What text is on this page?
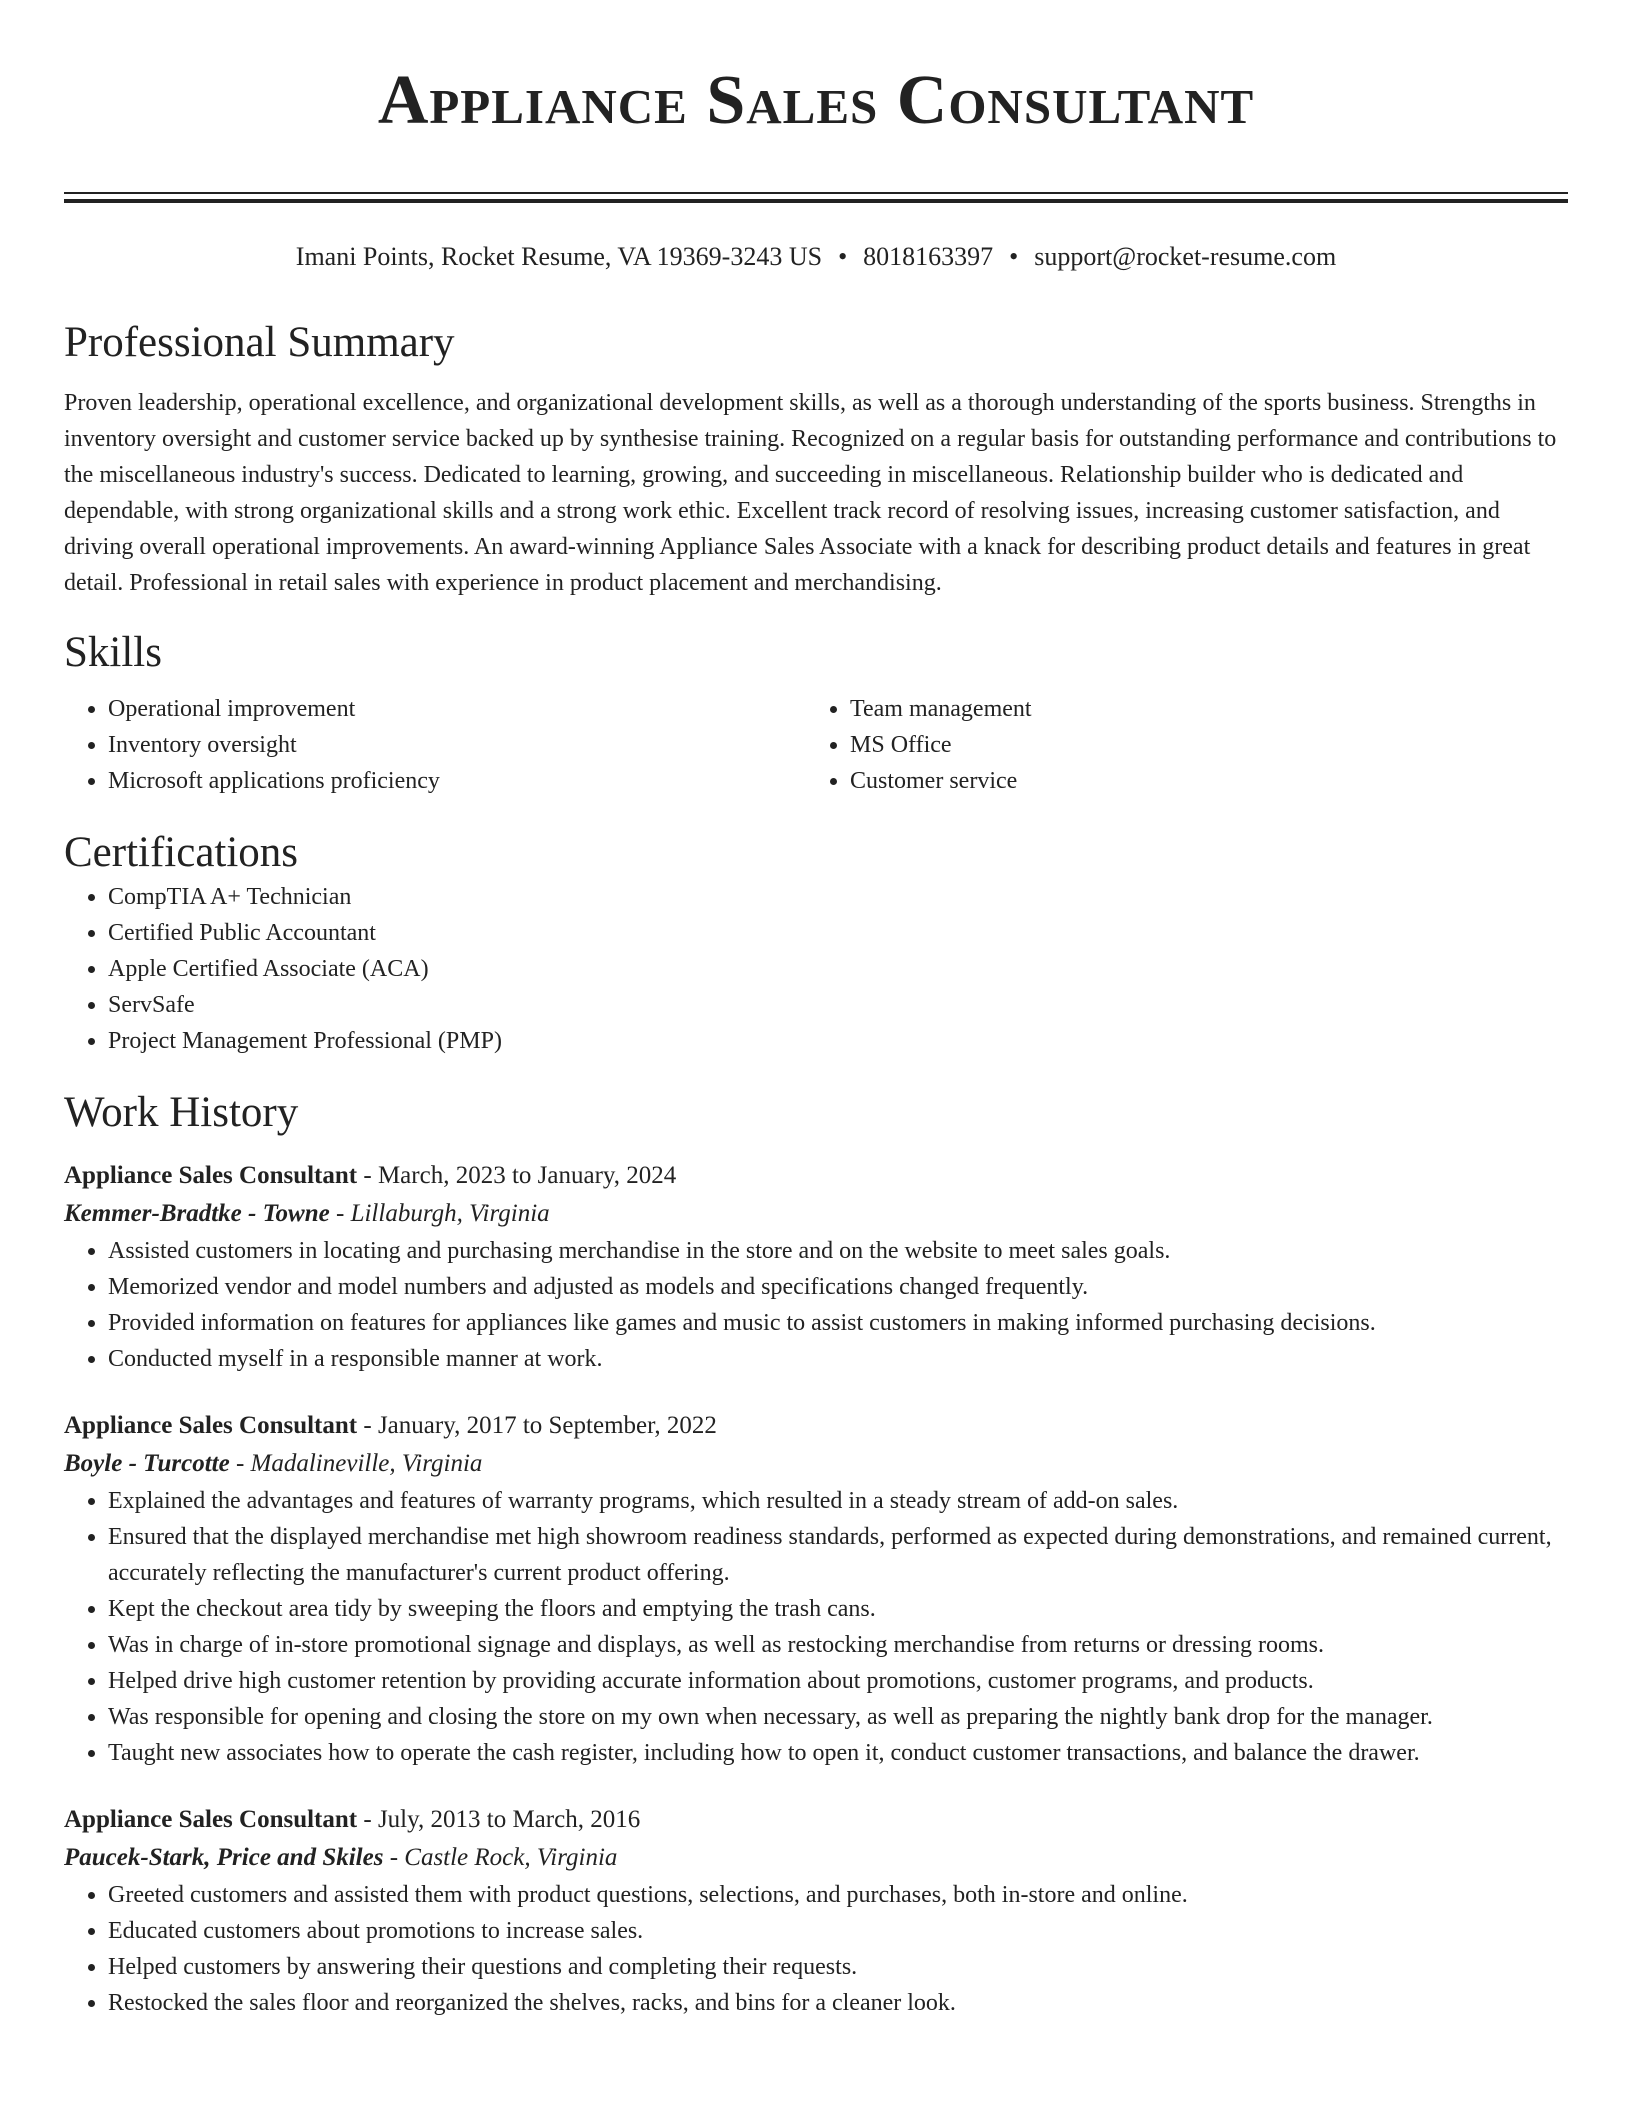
Appliance Sales Consultant
Imani Points, Rocket Resume, VA 19369-3243 US • 8018163397 • support@rocket-resume.com
Professional Summary

Proven leadership, operational excellence, and organizational development skills, as well as a thorough understanding of the sports business. Strengths in inventory oversight and customer service backed up by synthesise training. Recognized on a regular basis for outstanding performance and contributions to the miscellaneous industry's success. Dedicated to learning, growing, and succeeding in miscellaneous. Relationship builder who is dedicated and dependable, with strong organizational skills and a strong work ethic. Excellent track record of resolving issues, increasing customer satisfaction, and driving overall operational improvements. An award-winning Appliance Sales Associate with a knack for describing product details and features in great detail. Professional in retail sales with experience in product placement and merchandising.

Skills
• Operational improvement
• Inventory oversight
• Microsoft applications proficiency
• Team management
• MS Office
• Customer service
Certifications
• CompTIA A+ Technician
• Certified Public Accountant
• Apple Certified Associate (ACA)
• ServSafe
• Project Management Professional (PMP)
Work History
Appliance Sales Consultant - March, 2023 to January, 2024
Kemmer-Bradtke - Towne - Lillaburgh, Virginia
• Assisted customers in locating and purchasing merchandise in the store and on the website to meet sales goals.
• Memorized vendor and model numbers and adjusted as models and specifications changed frequently.
• Provided information on features for appliances like games and music to assist customers in making informed purchasing decisions.
• Conducted myself in a responsible manner at work.
Appliance Sales Consultant - January, 2017 to September, 2022
Boyle - Turcotte - Madalineville, Virginia
• Explained the advantages and features of warranty programs, which resulted in a steady stream of add-on sales.
• Ensured that the displayed merchandise met high showroom readiness standards, performed as expected during demonstrations, and remained current, accurately reflecting the manufacturer's current product offering.
• Kept the checkout area tidy by sweeping the floors and emptying the trash cans.
• Was in charge of in-store promotional signage and displays, as well as restocking merchandise from returns or dressing rooms.
• Helped drive high customer retention by providing accurate information about promotions, customer programs, and products.
• Was responsible for opening and closing the store on my own when necessary, as well as preparing the nightly bank drop for the manager.
• Taught new associates how to operate the cash register, including how to open it, conduct customer transactions, and balance the drawer.
Appliance Sales Consultant - July, 2013 to March, 2016
Paucek-Stark, Price and Skiles - Castle Rock, Virginia
• Greeted customers and assisted them with product questions, selections, and purchases, both in-store and online.
• Educated customers about promotions to increase sales.
• Helped customers by answering their questions and completing their requests.
• Restocked the sales floor and reorganized the shelves, racks, and bins for a cleaner look.
